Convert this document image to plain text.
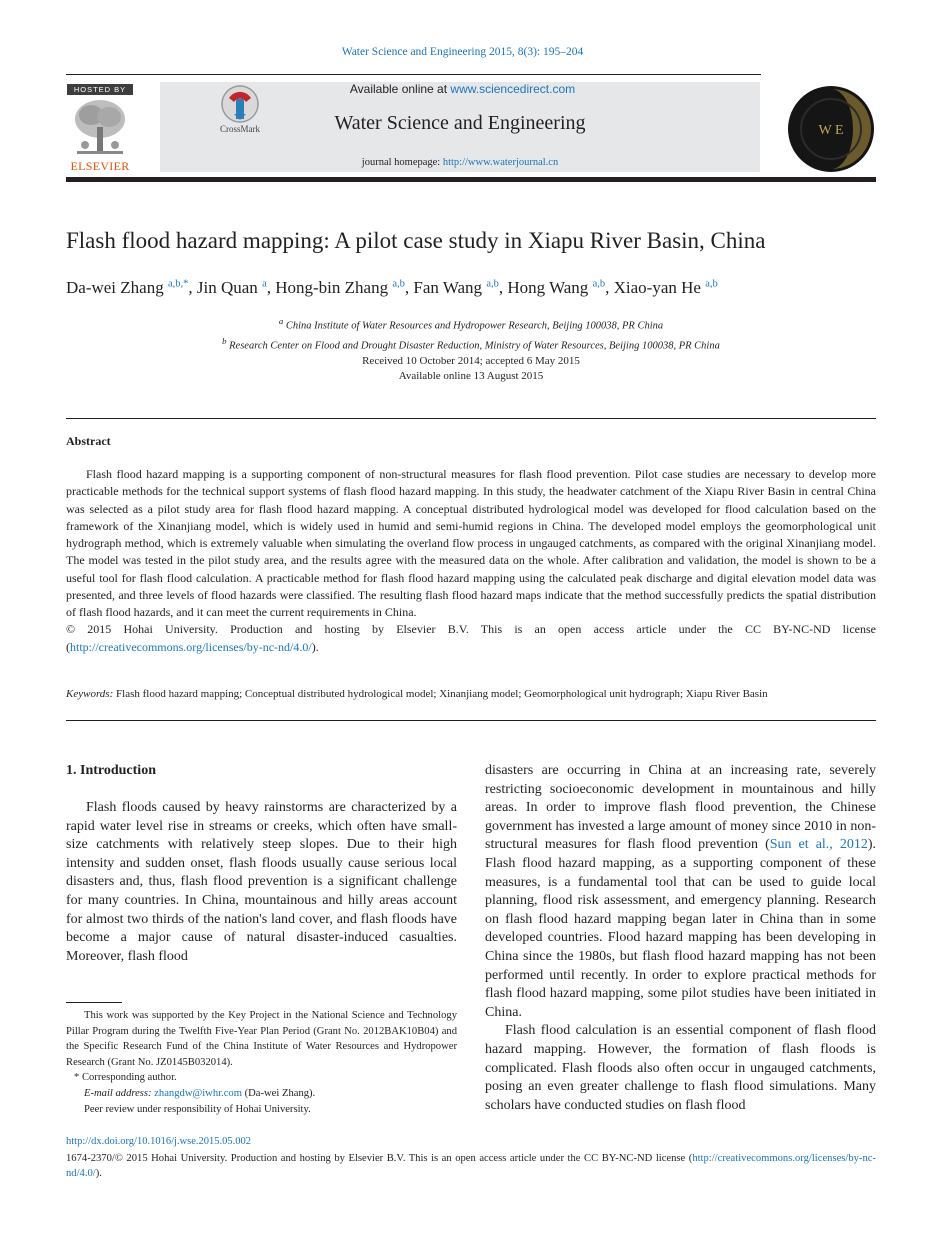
Water Science and Engineering 2015, 8(3): 195–204
HOSTED BY
ELSEVIER
CrossMark
Available online at www.sciencedirect.com
Water Science and Engineering
journal homepage: http://www.waterjournal.cn
W E
Flash flood hazard mapping: A pilot case study in Xiapu River Basin, China
Da-wei Zhang $^{a,b,*}$, Jin Quan $^a$, Hong-bin Zhang $^{a,b}$, Fan Wang $^{a,b}$, Hong Wang $^{a,b}$, Xiao-yan He $^{a,b}$
$^a$ China Institute of Water Resources and Hydropower Research, Beijing 100038, PR China
$^b$ Research Center on Flood and Drought Disaster Reduction, Ministry of Water Resources, Beijing 100038, PR China
Received 10 October 2014; accepted 6 May 2015
Available online 13 August 2015
Abstract

Flash flood hazard mapping is a supporting component of non-structural measures for flash flood prevention. Pilot case studies are necessary to develop more practicable methods for the technical support systems of flash flood hazard mapping. In this study, the headwater catchment of the Xiapu River Basin in central China was selected as a pilot study area for flash flood hazard mapping. A conceptual distributed hydrological model was developed for flood calculation based on the framework of the Xinanjiang model, which is widely used in humid and semi-humid regions in China. The developed model employs the geomorphological unit hydrograph method, which is extremely valuable when simulating the overland flow process in ungauged catchments, as compared with the original Xinanjiang model. The model was tested in the pilot study area, and the results agree with the measured data on the whole. After calibration and validation, the model is shown to be a useful tool for flash flood calculation. A practicable method for flash flood hazard mapping using the calculated peak discharge and digital elevation model data was presented, and three levels of flood hazards were classified. The resulting flash flood hazard maps indicate that the method successfully predicts the spatial distribution of flash flood hazards, and it can meet the current requirements in China.

© 2015 Hohai University. Production and hosting by Elsevier B.V. This is an open access article under the CC BY-NC-ND license (http://creativecommons.org/licenses/by-nc-nd/4.0/).

Keywords: Flash flood hazard mapping; Conceptual distributed hydrological model; Xinanjiang model; Geomorphological unit hydrograph; Xiapu River Basin
1. Introduction

Flash floods caused by heavy rainstorms are characterized by a rapid water level rise in streams or creeks, which often have small-size catchments with relatively steep slopes. Due to their high intensity and sudden onset, flash floods usually cause serious local disasters and, thus, flash flood prevention is a significant challenge for many countries. In China, mountainous and hilly areas account for almost two thirds of the nation's land cover, and flash floods have become a major cause of natural disaster-induced casualties. Moreover, flash flood

disasters are occurring in China at an increasing rate, severely restricting socioeconomic development in mountainous and hilly areas. In order to improve flash flood prevention, the Chinese government has invested a large amount of money since 2010 in non-structural measures for flash flood prevention (Sun et al., 2012). Flash flood hazard mapping, as a supporting component of these measures, is a fundamental tool that can be used to guide local planning, flood risk assessment, and emergency planning. Research on flash flood hazard mapping began later in China than in some developed countries. Flood hazard mapping has been developing in China since the 1980s, but flash flood hazard mapping has not been performed until recently. In order to explore practical methods for flash flood hazard mapping, some pilot studies have been initiated in China.

Flash flood calculation is an essential component of flash flood hazard mapping. However, the formation of flash floods is complicated. Flash floods also often occur in ungauged catchments, posing an even greater challenge to flash flood simulations. Many scholars have conducted studies on flash flood

This work was supported by the Key Project in the National Science and Technology Pillar Program during the Twelfth Five-Year Plan Period (Grant No. 2012BAK10B04) and the Specific Research Fund of the China Institute of Water Resources and Hydropower Research (Grant No. JZ0145B032014).

* Corresponding author.

E-mail address: zhangdw@iwhr.com (Da-wei Zhang).

Peer review under responsibility of Hohai University.

http://dx.doi.org/10.1016/j.wse.2015.05.002
1674-2370/© 2015 Hohai University. Production and hosting by Elsevier B.V. This is an open access article under the CC BY-NC-ND license (http://creativecommons.org/licenses/by-nc-nd/4.0/).
